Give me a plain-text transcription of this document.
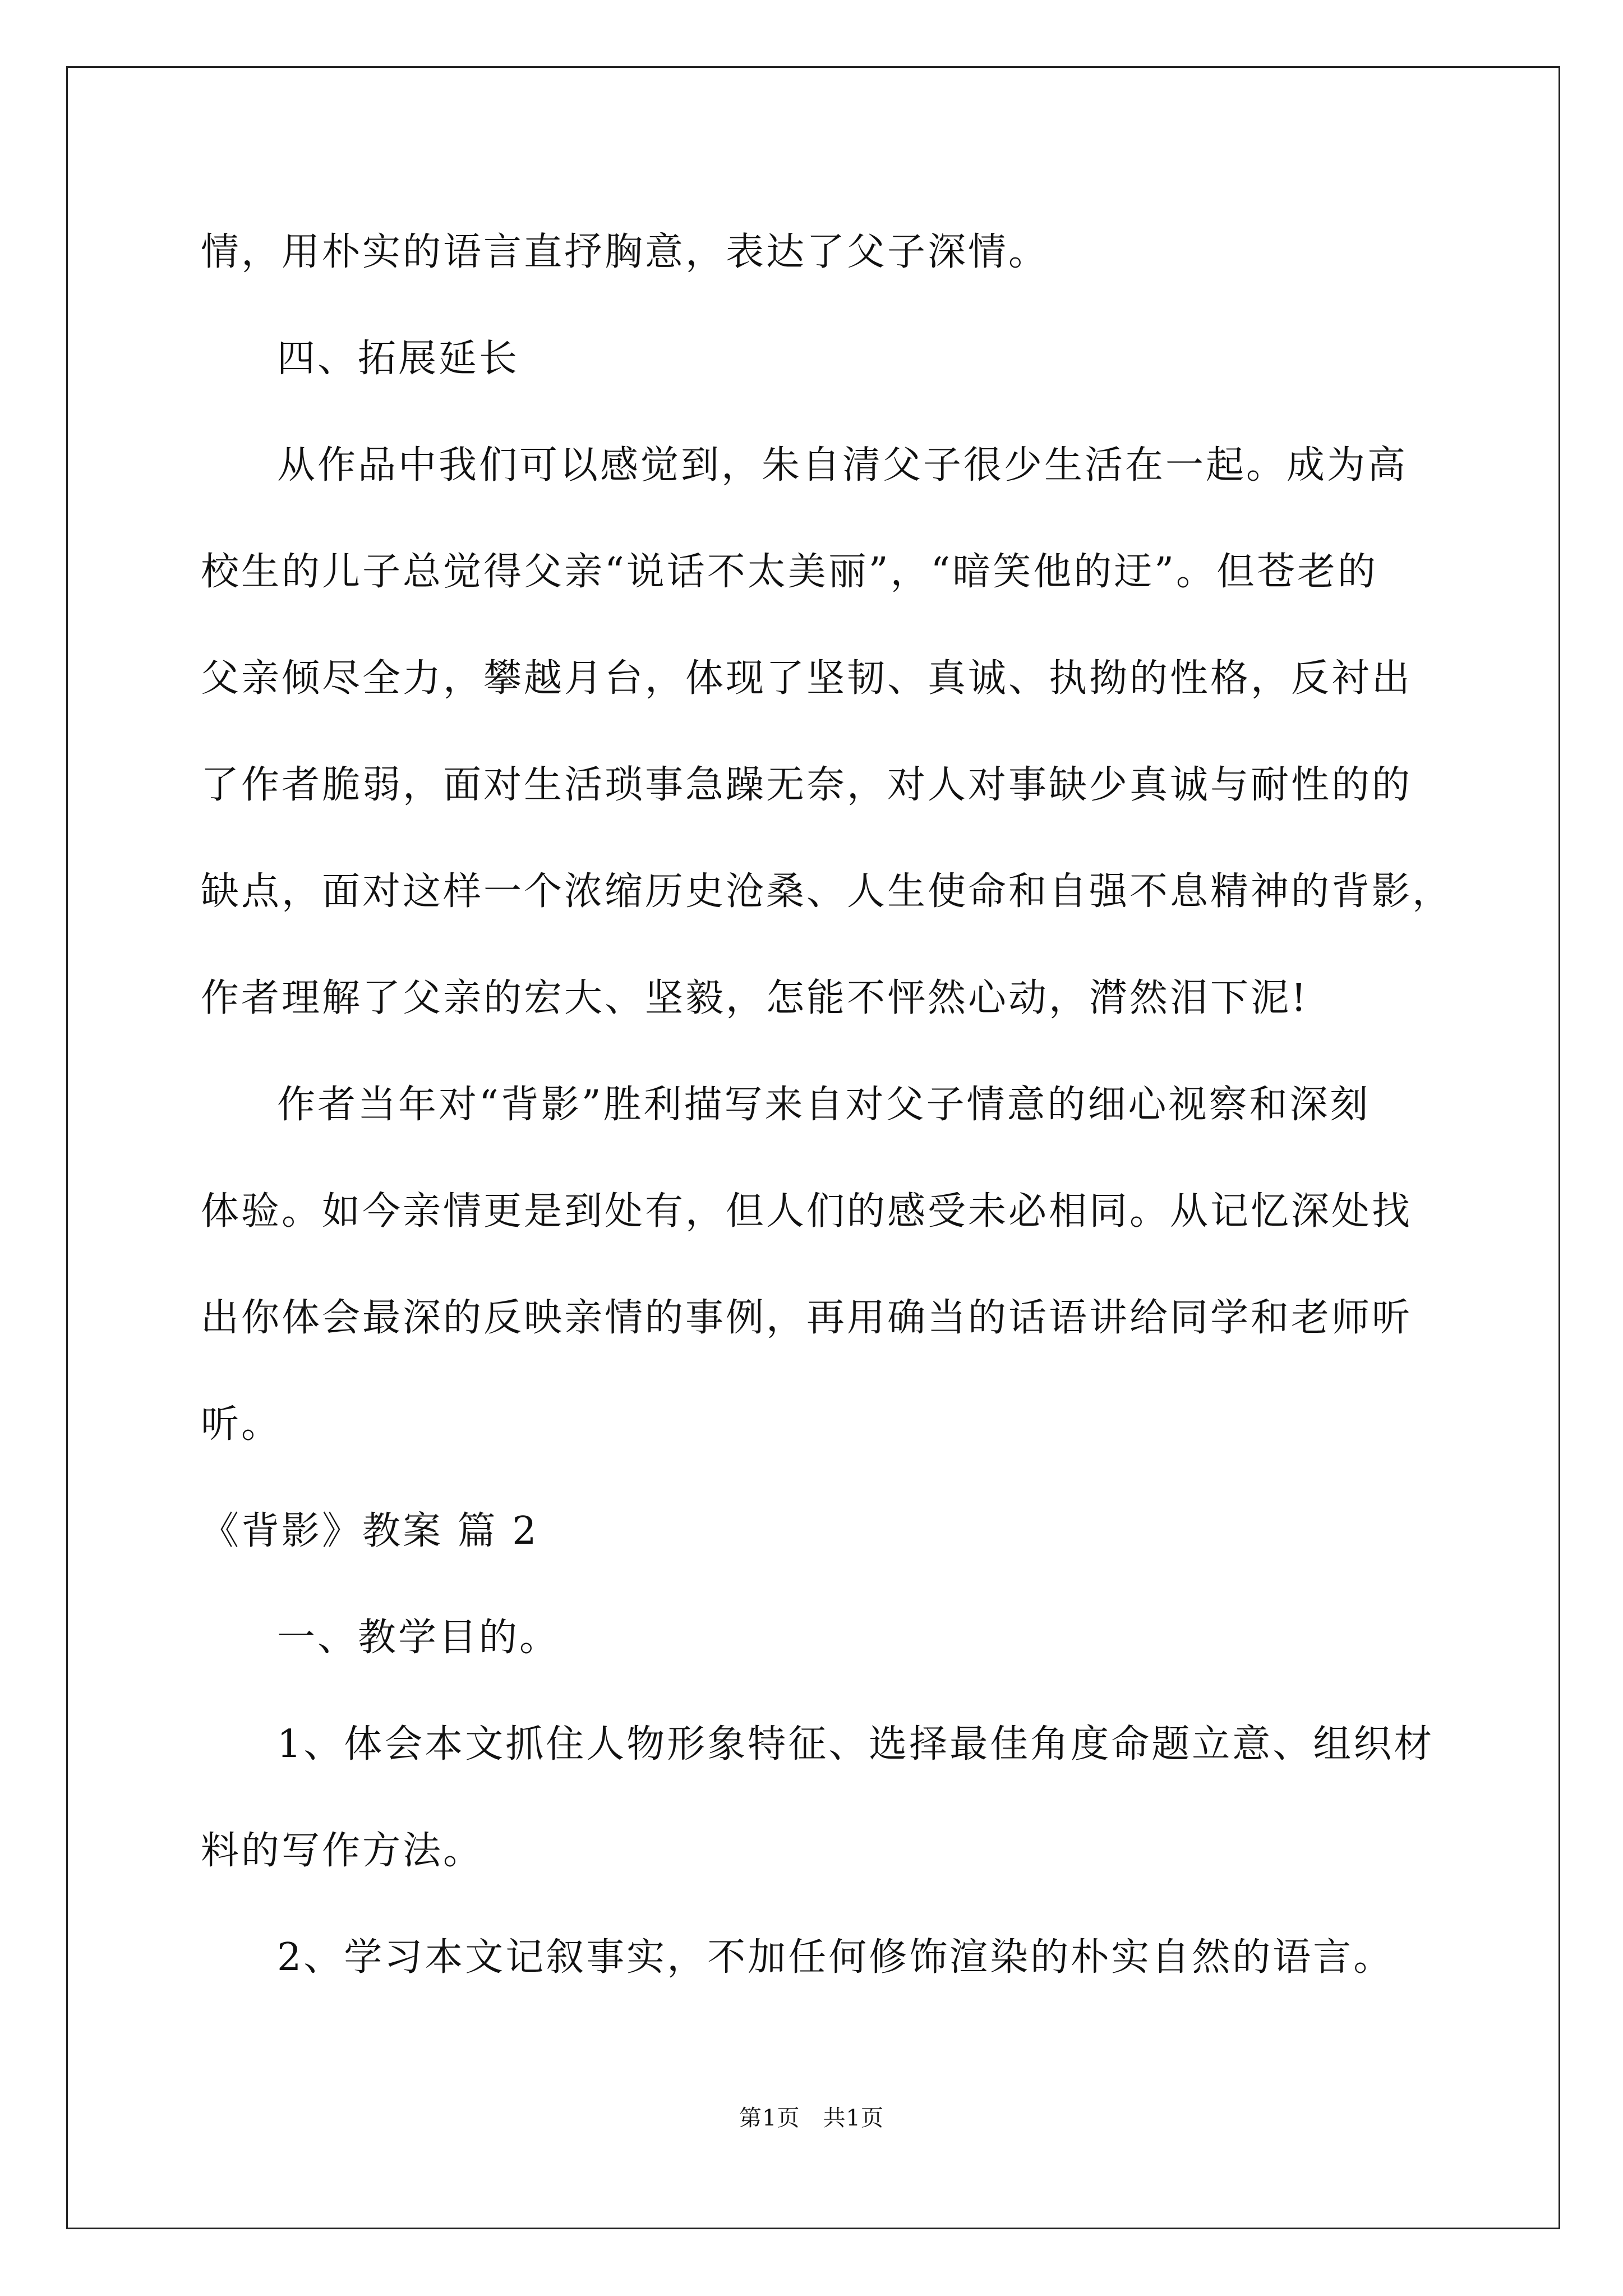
情，用朴实的语言直抒胸意，表达了父子深情。
四、拓展延长
从作品中我们可以感觉到，朱自清父子很少生活在一起。成为高
校生的儿子总觉得父亲“说话不太美丽”，“暗笑他的迂”。但苍老的
父亲倾尽全力，攀越月台，体现了坚韧、真诚、执拗的性格，反衬出
了作者脆弱，面对生活琐事急躁无奈，对人对事缺少真诚与耐性的的
缺点，面对这样一个浓缩历史沧桑、人生使命和自强不息精神的背影，
作者理解了父亲的宏大、坚毅，怎能不怦然心动，潸然泪下泥!
作者当年对“背影”胜利描写来自对父子情意的细心视察和深刻
体验。如今亲情更是到处有，但人们的感受未必相同。从记忆深处找
出你体会最深的反映亲情的事例，再用确当的话语讲给同学和老师听
听。
《背影》教案 篇 2
一、教学目的。
1、体会本文抓住人物形象特征、选择最佳角度命题立意、组织材
料的写作方法。
2、学习本文记叙事实，不加任何修饰渲染的朴实自然的语言。
第1页　共1页
